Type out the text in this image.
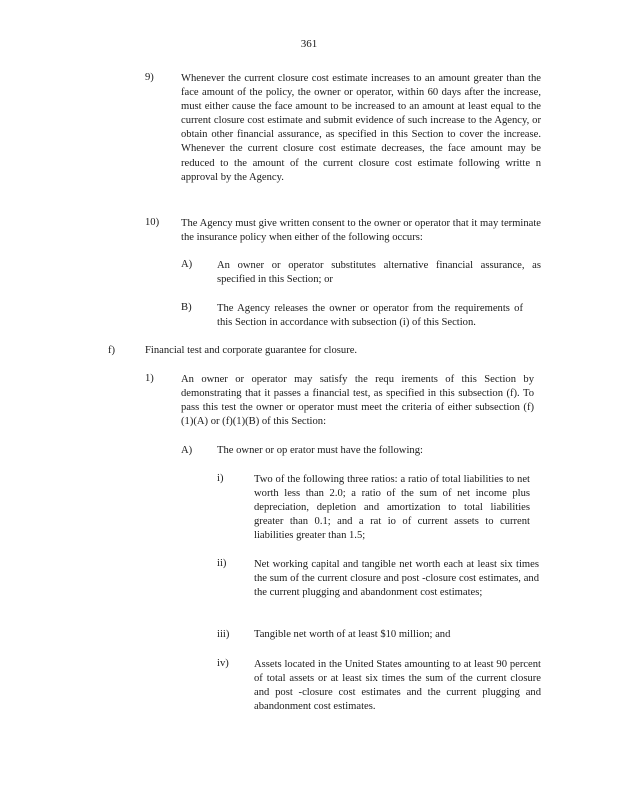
361
9)	Whenever the current closure cost estimate increases to an amount greater than the face amount of the policy, the owner or operator, within 60 days after the increase, must either cause the face amount to be increased to an amount at least equal to the current closure cost estimate and submit evidence of such increase to the Agency, or obtain other financial assurance, as specified in this Section to cover the increase. Whenever the current closure cost estimate decreases, the face amount may be reduced to the amount of the current closure cost estimate following writte n approval by the Agency.
10) The Agency must give written consent to the owner or operator that it may terminate the insurance policy when either of the following occurs:
A) An owner or operator substitutes alternative financial assurance, as specified in this Section; or
B) The Agency releases the owner or operator from the requirements of this Section in accordance with subsection (i) of this Section.
f)	Financial test and corporate guarantee for closure.
1)	An owner or operator may satisfy the requ irements of this Section by demonstrating that it passes a financial test, as specified in this subsection (f). To pass this test the owner or operator must meet the criteria of either subsection (f)(1)(A) or (f)(1)(B) of this Section:
A) The owner or op erator must have the following:
i)	Two of the following three ratios: a ratio of total liabilities to net worth less than 2.0; a ratio of the sum of net income plus depreciation, depletion and amortization to total liabilities greater than 0.1; and a rat io of current assets to current liabilities greater than 1.5;
ii)	Net working capital and tangible net worth each at least six times the sum of the current closure and post -closure cost estimates, and the current plugging and abandonment cost estimates;
iii) Tangible net worth of at least $10 million; and
iv) Assets located in the United States amounting to at least 90 percent of total assets or at least six times the sum of the current closure and post -closure cost estimates and the current plugging and abandonment cost estimates.
